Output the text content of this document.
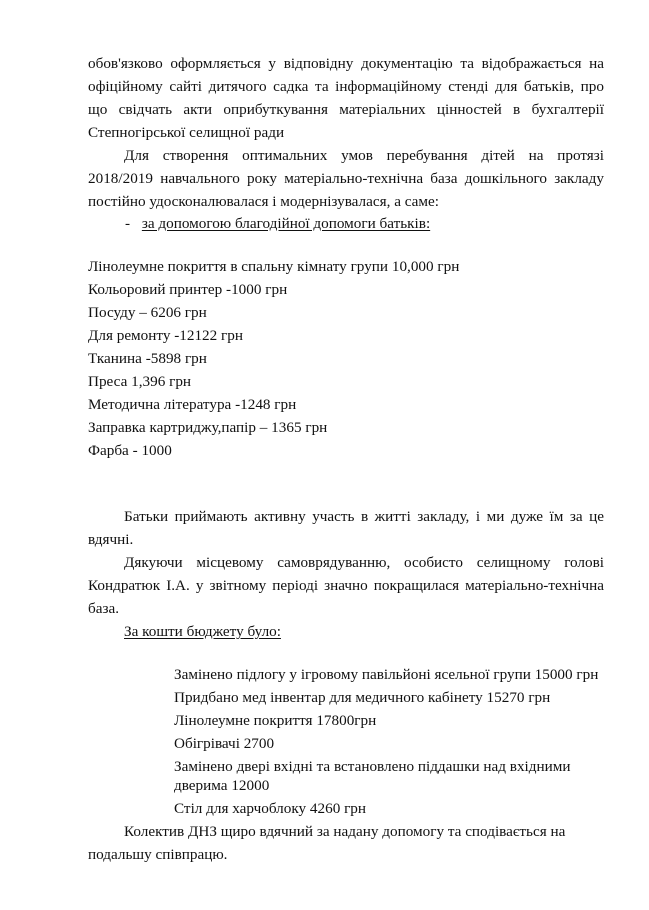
обов'язково оформляється у відповідну документацію та відображається на
офіційному сайті дитячого садка та інформаційному стенді для батьків, про
що свідчать акти оприбуткування матеріальних цінностей в бухгалтерії
Степногірської селищної ради
Для створення оптимальних умов перебування дітей на протязі
2018/2019 навчального року матеріально-технічна база дошкільного закладу
постійно удосконалювалася і модернізувалася, а саме:
- за допомогою благодійної допомоги батьків:
Лінолеумне покриття в спальну кімнату групи 10,000 грн
Кольоровий принтер -1000 грн
Посуду – 6206 грн
Для ремонту -12122 грн
Тканина -5898 грн
Преса 1,396 грн
Методична література -1248 грн
Заправка картриджу,папір – 1365 грн
Фарба - 1000
Батьки приймають активну участь в житті закладу, і ми дуже їм за це
вдячні.
Дякуючи місцевому самоврядуванню, особисто селищному голові
Кондратюк І.А. у звітному періоді значно покращилася матеріально-технічна
база.
За кошти бюджету було:
Замінено підлогу у ігровому павільйоні ясельної групи 15000 грн
Придбано мед інвентар для медичного кабінету 15270 грн
Лінолеумне покриття 17800грн
Обігрівачі 2700
Замінено двері вхідні та встановлено піддашки над вхідними
дверима 12000
Стіл для харчоблоку 4260 грн
Колектив ДНЗ щиро вдячний за надану допомогу та сподівається на
подальшу співпрацю.
